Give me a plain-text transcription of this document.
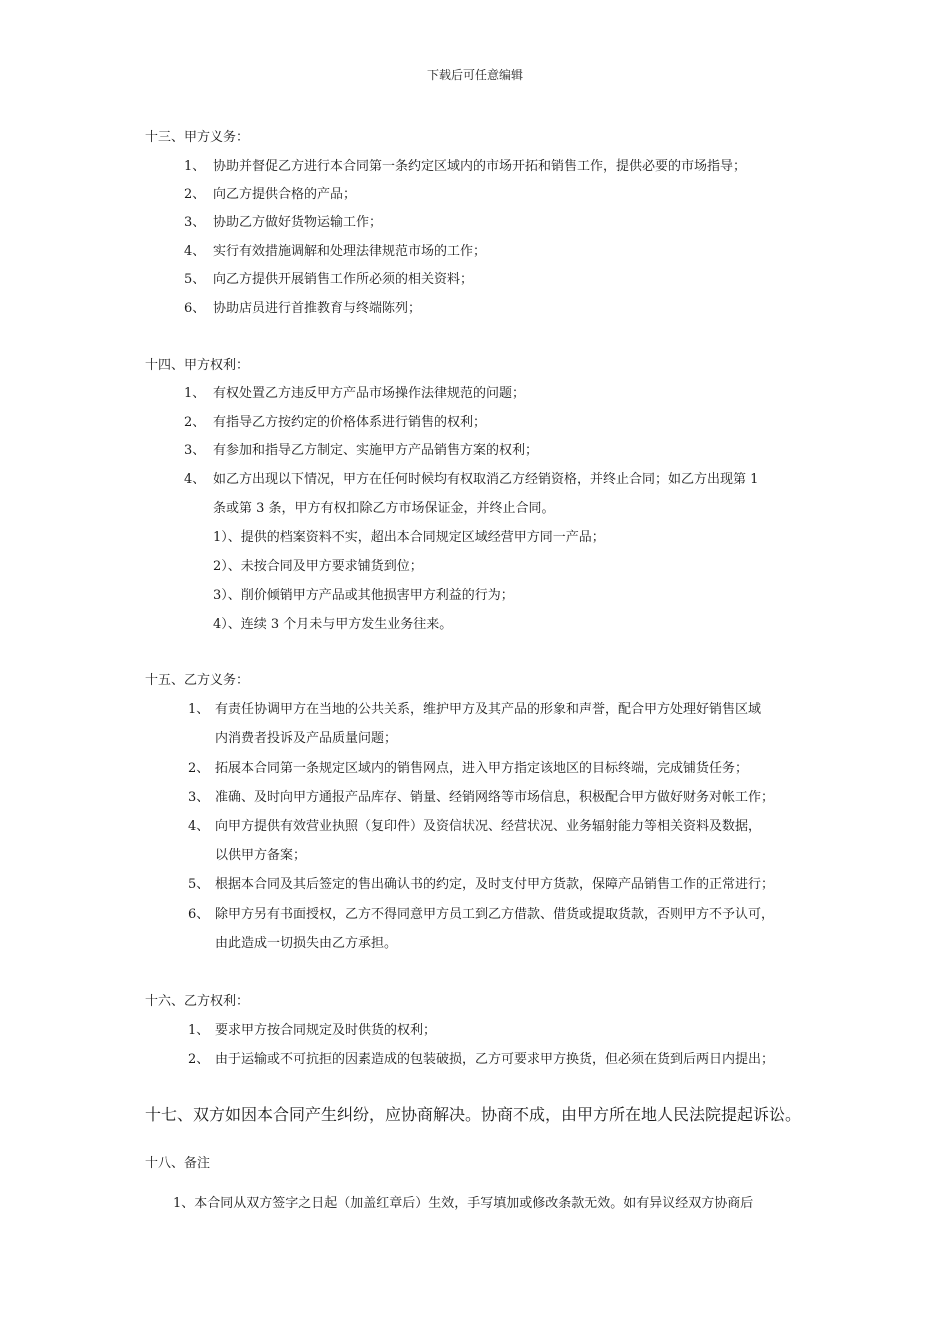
下载后可任意编辑
十三、甲方义务：
1、 协助并督促乙方进行本合同第一条约定区域内的市场开拓和销售工作，提供必要的市场指导；
2、 向乙方提供合格的产品；
3、 协助乙方做好货物运输工作；
4、 实行有效措施调解和处理法律规范市场的工作；
5、 向乙方提供开展销售工作所必须的相关资料；
6、 协助店员进行首推教育与终端陈列；
十四、甲方权利：
1、 有权处置乙方违反甲方产品市场操作法律规范的问题；
2、 有指导乙方按约定的价格体系进行销售的权利；
3、 有参加和指导乙方制定、实施甲方产品销售方案的权利；
4、 如乙方出现以下情况，甲方在任何时候均有权取消乙方经销资格，并终止合同；如乙方出现第 1
条或第 3 条，甲方有权扣除乙方市场保证金，并终止合同。
1）、提供的档案资料不实，超出本合同规定区域经营甲方同一产品；
2）、未按合同及甲方要求铺货到位；
3）、削价倾销甲方产品或其他损害甲方利益的行为；
4）、连续 3 个月未与甲方发生业务往来。
十五、乙方义务：
1、 有责任协调甲方在当地的公共关系，维护甲方及其产品的形象和声誉，配合甲方处理好销售区域
内消费者投诉及产品质量问题；
2、 拓展本合同第一条规定区域内的销售网点，进入甲方指定该地区的目标终端，完成铺货任务；
3、 准确、及时向甲方通报产品库存、销量、经销网络等市场信息，积极配合甲方做好财务对帐工作；
4、 向甲方提供有效营业执照（复印件）及资信状况、经营状况、业务辐射能力等相关资料及数据，
以供甲方备案；
5、 根据本合同及其后签定的售出确认书的约定，及时支付甲方货款，保障产品销售工作的正常进行；
6、 除甲方另有书面授权，乙方不得同意甲方员工到乙方借款、借货或提取货款，否则甲方不予认可，
由此造成一切损失由乙方承担。
十六、乙方权利：
1、 要求甲方按合同规定及时供货的权利；
2、 由于运输或不可抗拒的因素造成的包装破损，乙方可要求甲方换货，但必须在货到后两日内提出；
十七、双方如因本合同产生纠纷，应协商解决。协商不成，由甲方所在地人民法院提起诉讼。
十八、备注
1、本合同从双方签字之日起（加盖红章后）生效，手写填加或修改条款无效。如有异议经双方协商后
